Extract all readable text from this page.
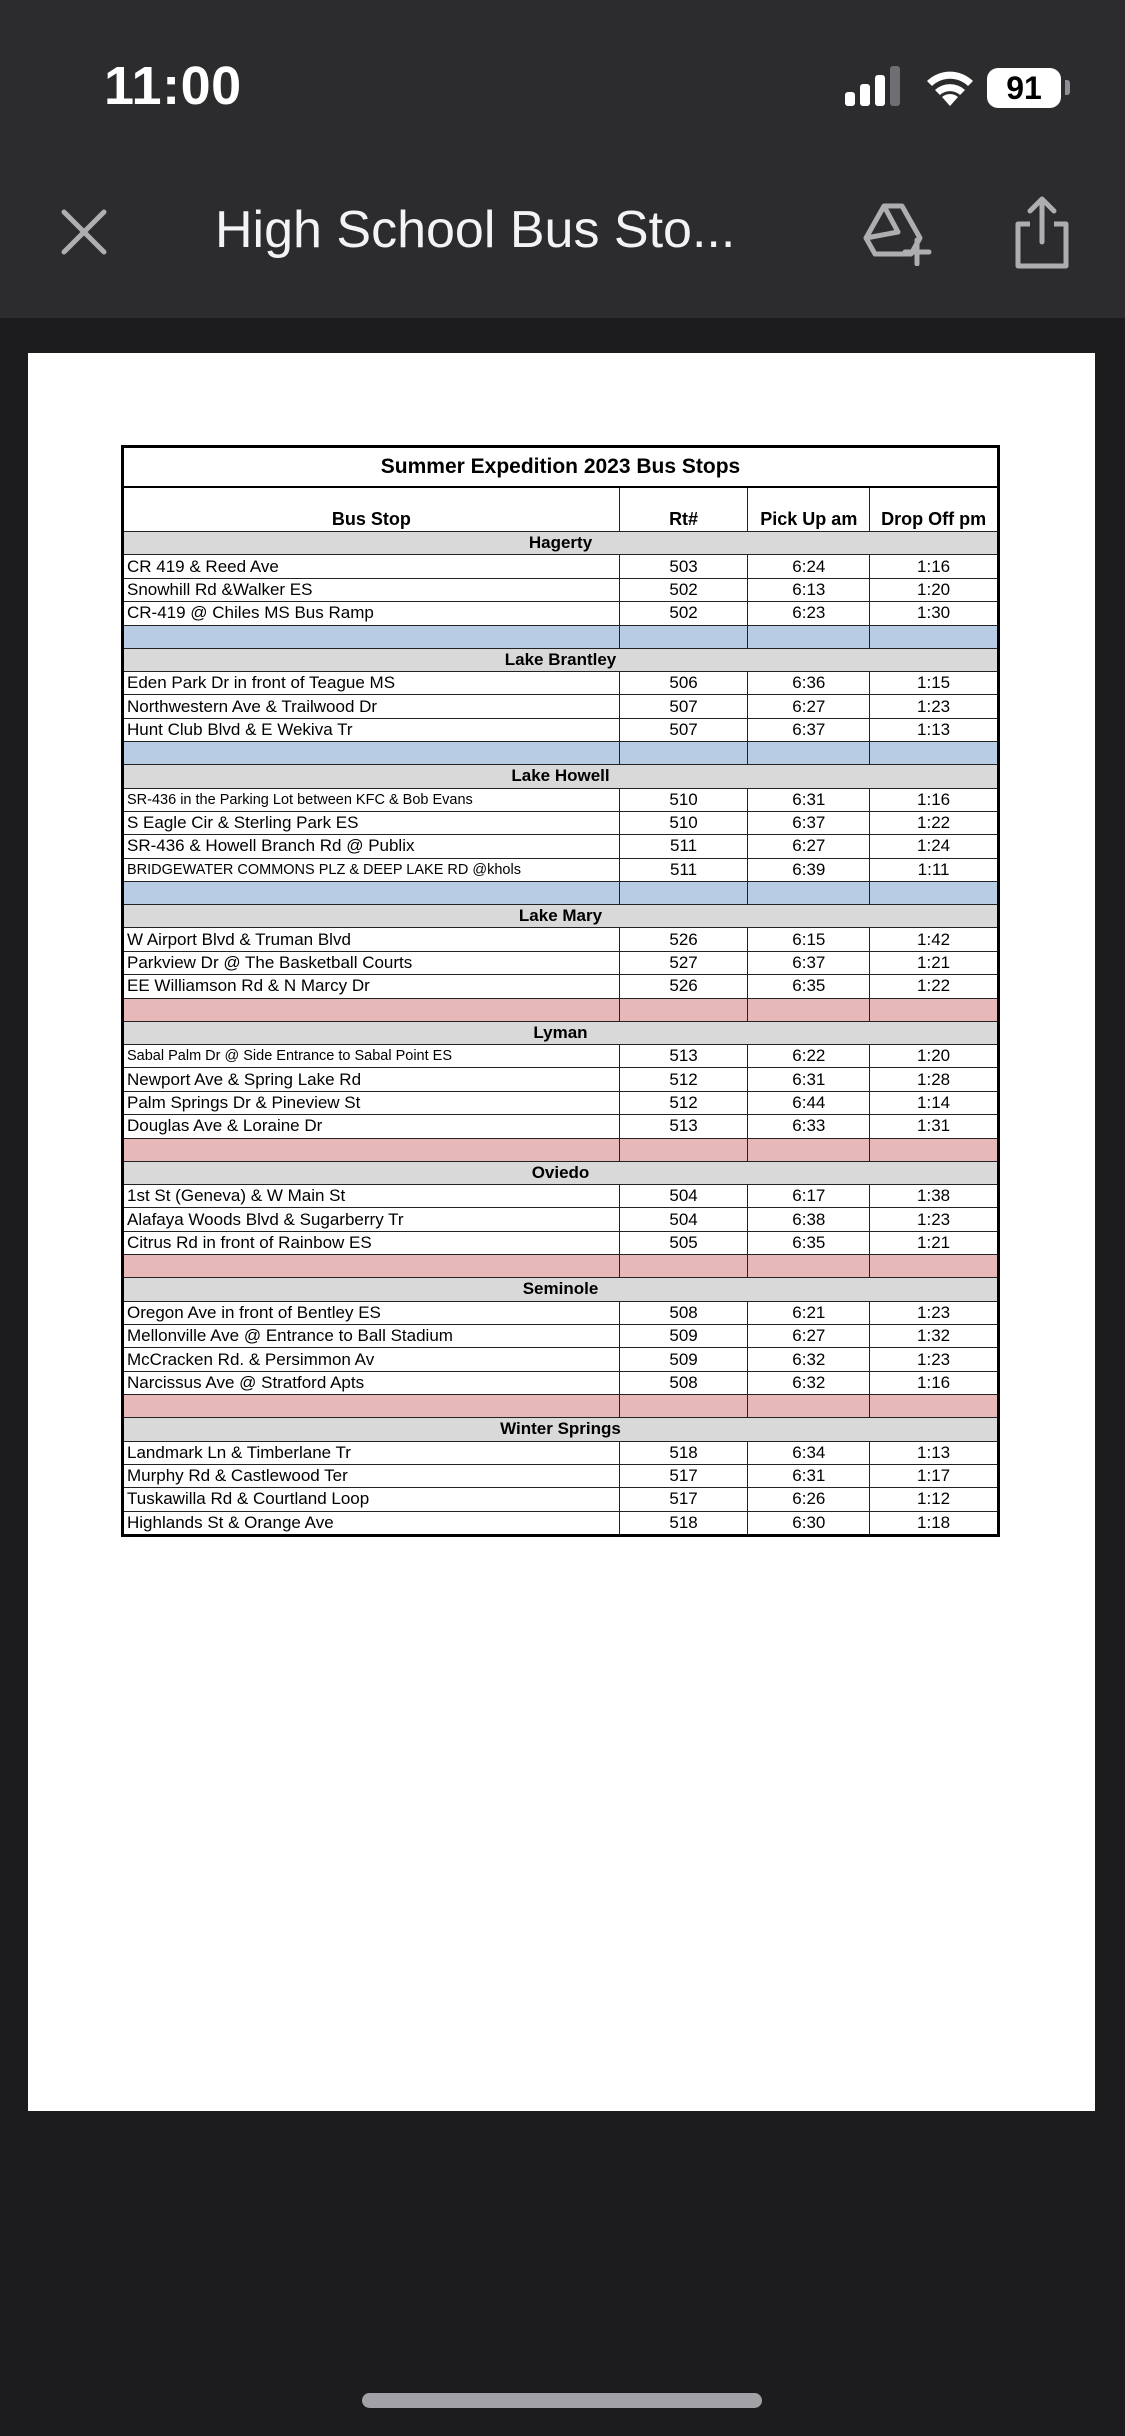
11:00	91
High School Bus Sto...
Summer Expedition 2023 Bus Stops			
Bus Stop	Rt#	Pick Up am	Drop Off pm
Hagerty			
CR 419 & Reed Ave	503	6:24	1:16
Snowhill Rd &Walker ES	502	6:13	1:20
CR-419 @ Chiles MS Bus Ramp	502	6:23	1:30

Lake Brantley			
Eden Park Dr in front of Teague MS	506	6:36	1:15
Northwestern Ave & Trailwood Dr	507	6:27	1:23
Hunt Club Blvd & E Wekiva Tr	507	6:37	1:13

Lake Howell			
SR-436 in the Parking Lot between KFC & Bob Evans	510	6:31	1:16
S Eagle Cir & Sterling Park ES	510	6:37	1:22
SR-436 & Howell Branch Rd @ Publix	511	6:27	1:24
BRIDGEWATER COMMONS PLZ & DEEP LAKE RD @khols	511	6:39	1:11

Lake Mary			
W Airport Blvd & Truman Blvd	526	6:15	1:42
Parkview Dr @ The Basketball Courts	527	6:37	1:21
EE Williamson Rd & N Marcy Dr	526	6:35	1:22

Lyman			
Sabal Palm Dr @ Side Entrance to Sabal Point ES	513	6:22	1:20
Newport Ave & Spring Lake Rd	512	6:31	1:28
Palm Springs Dr & Pineview St	512	6:44	1:14
Douglas Ave & Loraine Dr	513	6:33	1:31

Oviedo			
1st St (Geneva) & W Main St	504	6:17	1:38
Alafaya Woods Blvd & Sugarberry Tr	504	6:38	1:23
Citrus Rd in front of Rainbow ES	505	6:35	1:21

Seminole			
Oregon Ave in front of Bentley ES	508	6:21	1:23
Mellonville Ave @ Entrance to Ball Stadium	509	6:27	1:32
McCracken Rd. & Persimmon Av	509	6:32	1:23
Narcissus Ave @ Stratford Apts	508	6:32	1:16

Winter Springs			
Landmark Ln & Timberlane Tr	518	6:34	1:13
Murphy Rd & Castlewood Ter	517	6:31	1:17
Tuskawilla Rd & Courtland Loop	517	6:26	1:12
Highlands St & Orange Ave	518	6:30	1:18
